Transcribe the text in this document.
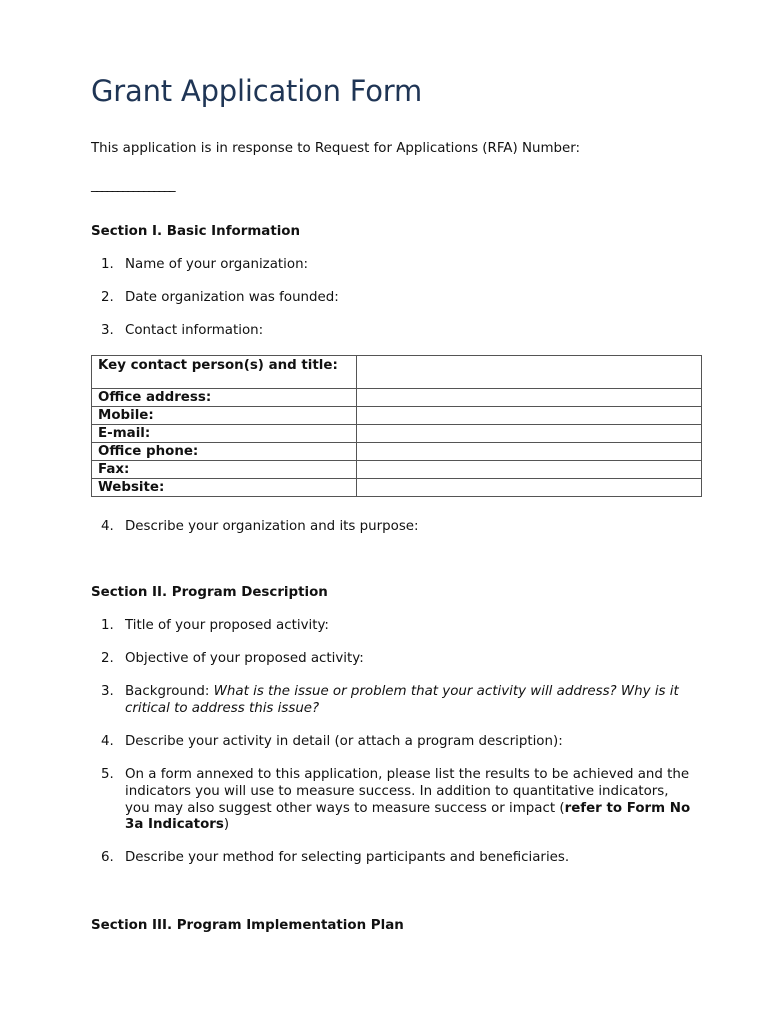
Grant Application Form

This application is in response to Request for Applications (RFA) Number:

________________

Section I. Basic Information

1. Name of your organization:
2. Date organization was founded:
3. Contact information:
Key contact person(s) and title:	
Office address:	
Mobile:	
E-mail:	
Office phone:	
Fax:	
Website:	
4. Describe your organization and its purpose:

Section II. Program Description

1. Title of your proposed activity:
2. Objective of your proposed activity:
3. Background: What is the issue or problem that your activity will address? Why is it critical to address this issue?
4. Describe your activity in detail (or attach a program description):
5. On a form annexed to this application, please list the results to be achieved and the indicators you will use to measure success. In addition to quantitative indicators, you may also suggest other ways to measure success or impact (refer to Form No 3a Indicators)
6. Describe your method for selecting participants and beneficiaries.

Section III. Program Implementation Plan
